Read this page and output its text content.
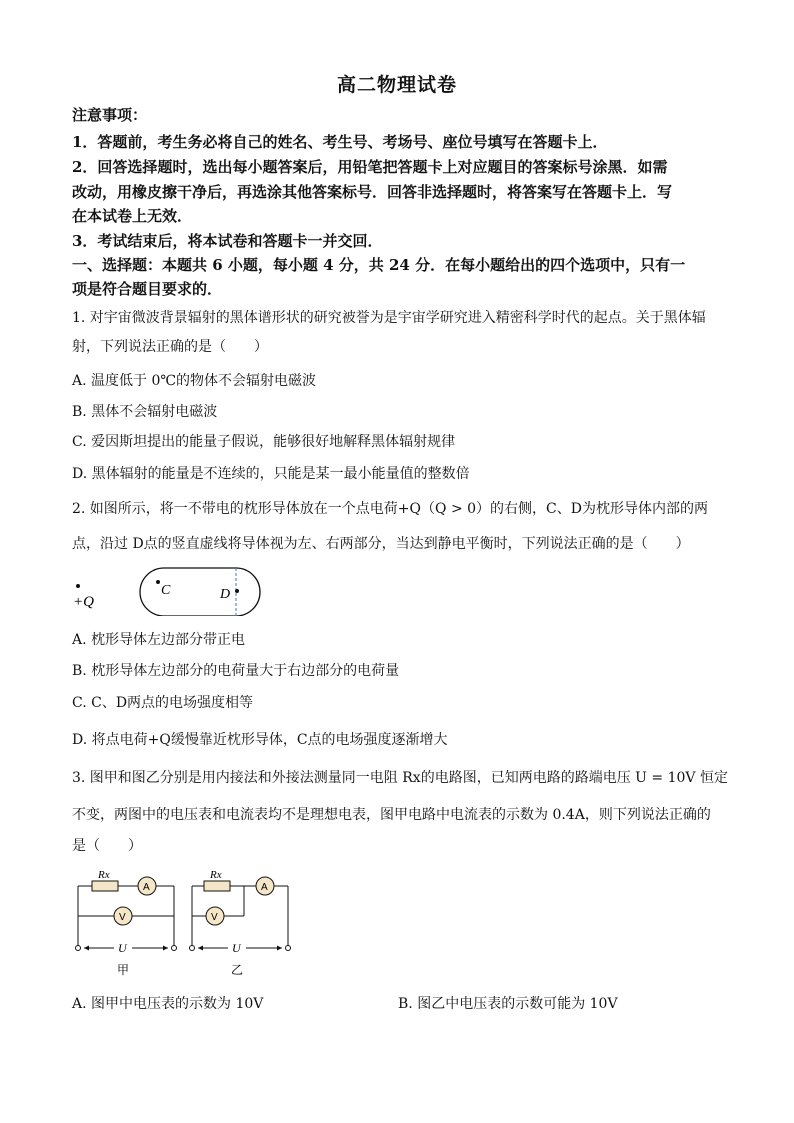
高二物理试卷
注意事项：
1．答题前，考生务必将自己的姓名、考生号、考场号、座位号填写在答题卡上．
2．回答选择题时，选出每小题答案后，用铅笔把答题卡上对应题目的答案标号涂黑．如需
改动，用橡皮擦干净后，再选涂其他答案标号．回答非选择题时，将答案写在答题卡上．写
在本试卷上无效．
3．考试结束后，将本试卷和答题卡一并交回．
一、选择题：本题共 6 小题，每小题 4 分，共 24 分．在每小题给出的四个选项中，只有一
项是符合题目要求的．
1. 对宇宙微波背景辐射的黑体谱形状的研究被誉为是宇宙学研究进入精密科学时代的起点。关于黑体辐
射，下列说法正确的是（　　）
A. 温度低于 0℃的物体不会辐射电磁波
B. 黑体不会辐射电磁波
C. 爱因斯坦提出的能量子假说，能够很好地解释黑体辐射规律
D. 黑体辐射的能量是不连续的，只能是某一最小能量值的整数倍
2. 如图所示，将一不带电的枕形导体放在一个点电荷+Q（Q > 0）的右侧，C、D为枕形导体内部的两
点，沿过 D点的竖直虚线将导体视为左、右两部分，当达到静电平衡时，下列说法正确的是（　　）
+Q
C	D
A. 枕形导体左边部分带正电
B. 枕形导体左边部分的电荷量大于右边部分的电荷量
C. C、D两点的电场强度相等
D. 将点电荷+Q缓慢靠近枕形导体，C点的电场强度逐渐增大
3. 图甲和图乙分别是用内接法和外接法测量同一电阻 Rx的电路图，已知两电路的路端电压 U = 10V 恒定
不变，两图中的电压表和电流表均不是理想电表，图甲电路中电流表的示数为 0.4A，则下列说法正确的
是（　　）
Rx
A
V
U
甲
Rx
A
V
U
乙
A. 图甲中电压表的示数为 10V	B. 图乙中电压表的示数可能为 10V
